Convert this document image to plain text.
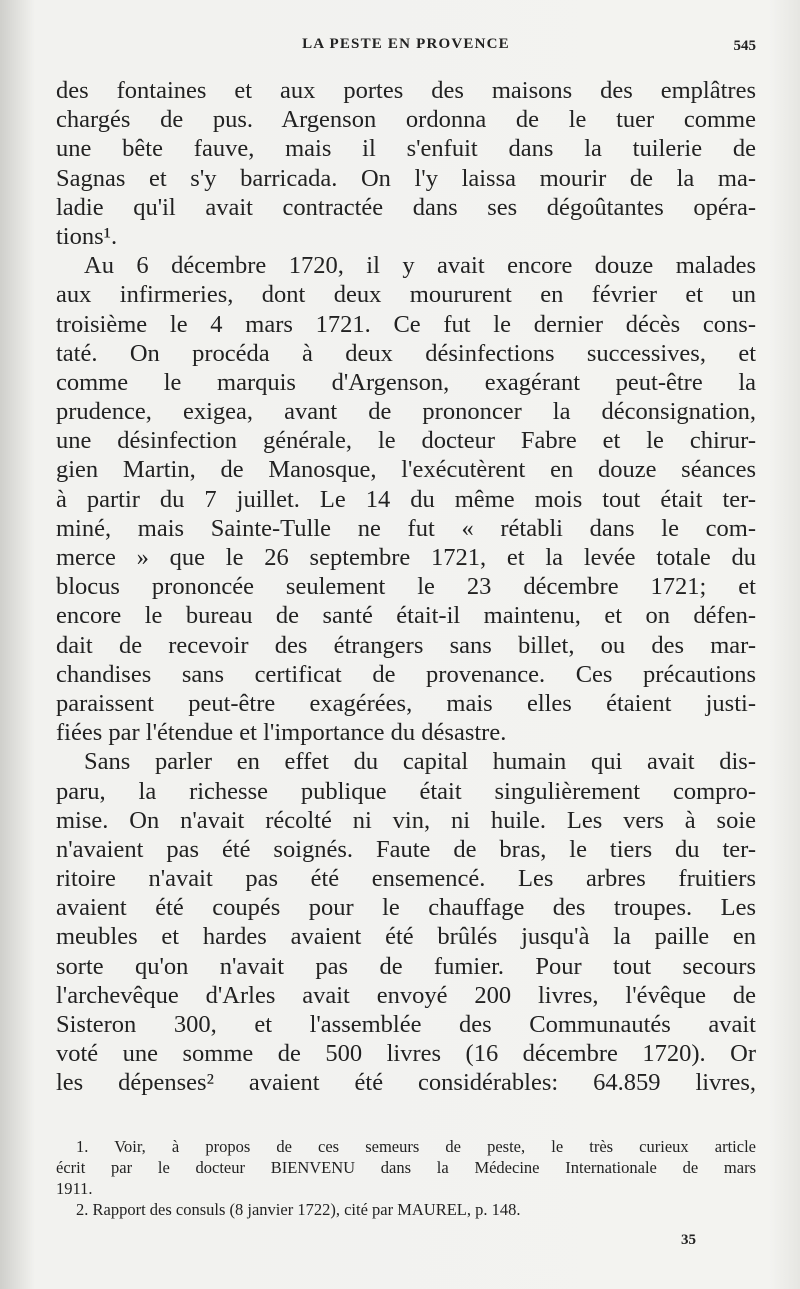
LA PESTE EN PROVENCE	545
des fontaines et aux portes des maisons des emplâtres
chargés de pus. Argenson ordonna de le tuer comme
une bête fauve, mais il s'enfuit dans la tuilerie de
Sagnas et s'y barricada. On l'y laissa mourir de la ma-
ladie qu'il avait contractée dans ses dégoûtantes opéra-
tions¹.
Au 6 décembre 1720, il y avait encore douze malades
aux infirmeries, dont deux moururent en février et un
troisième le 4 mars 1721. Ce fut le dernier décès cons-
taté. On procéda à deux désinfections successives, et
comme le marquis d'Argenson, exagérant peut-être la
prudence, exigea, avant de prononcer la déconsignation,
une désinfection générale, le docteur Fabre et le chirur-
gien Martin, de Manosque, l'exécutèrent en douze séances
à partir du 7 juillet. Le 14 du même mois tout était ter-
miné, mais Sainte-Tulle ne fut « rétabli dans le com-
merce » que le 26 septembre 1721, et la levée totale du
blocus prononcée seulement le 23 décembre 1721; et
encore le bureau de santé était-il maintenu, et on défen-
dait de recevoir des étrangers sans billet, ou des mar-
chandises sans certificat de provenance. Ces précautions
paraissent peut-être exagérées, mais elles étaient justi-
fiées par l'étendue et l'importance du désastre.
Sans parler en effet du capital humain qui avait dis-
paru, la richesse publique était singulièrement compro-
mise. On n'avait récolté ni vin, ni huile. Les vers à soie
n'avaient pas été soignés. Faute de bras, le tiers du ter-
ritoire n'avait pas été ensemencé. Les arbres fruitiers
avaient été coupés pour le chauffage des troupes. Les
meubles et hardes avaient été brûlés jusqu'à la paille en
sorte qu'on n'avait pas de fumier. Pour tout secours
l'archevêque d'Arles avait envoyé 200 livres, l'évêque de
Sisteron 300, et l'assemblée des Communautés avait
voté une somme de 500 livres (16 décembre 1720). Or
les dépenses² avaient été considérables: 64.859 livres,
1. Voir, à propos de ces semeurs de peste, le très curieux article
écrit par le docteur BIENVENU dans la Médecine Internationale de mars
1911.
2. Rapport des consuls (8 janvier 1722), cité par MAUREL, p. 148.
35
